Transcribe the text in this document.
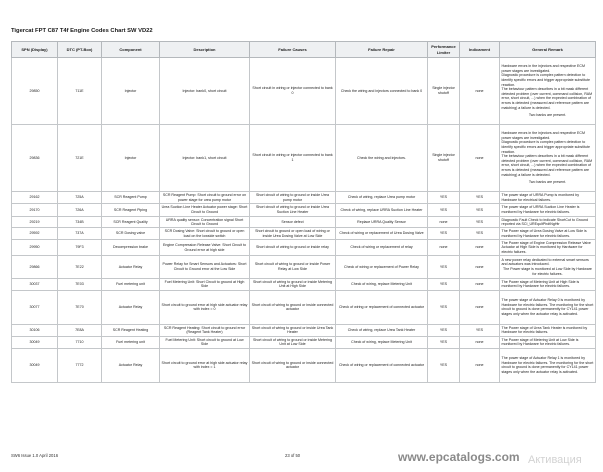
Tigercat FPT C87 T4f Engine Codes Chart SW VD22
SPN (Display)	DTC (PT-Box)	Component	Description	Failure Causes	Failure Repair	Performance Limiter	Indicament	General Remark
29850	711E	Injector	Injector: bank0, short circuit	Short circuit in wiring or injector connected to bank 0	Check the wiring and injectors connected to bank 0	Single injector shutoff	none	Hardware errors in the injectors and respective ECM power stages are investigated.
Diagnostic procedure is complex pattern detection to identify specific errors and trigger appropriate substitute reaction.
The behaviour pattern describes in a bit mask different detected problem (over current, command collision, RAM error, short circuit, ...) when the expected combination of errors is detected (measured and reference pattern are matching) a failure is detected.
Two banks are present.

29836	721E	Injector	Injector: bank1, short circuit	Short circuit in wiring or injector connected to bank 1	Check the wiring and injectors.	Single injector shutoff	none	Hardware errors in the injectors and respective ECM power stages are investigated.
Diagnostic procedure is complex pattern detection to identify specific errors and trigger appropriate substitute reaction.
The behaviour pattern describes in a bit mask different detected problem (over current, command collision, RAM error, short circuit, ...) when the expected combination of errors is detected (measured and reference pattern are matching) a failure is detected.
Two banks are present.

29162	725A	SCR Reagent Pump	SCR Reagent Pump: Short circuit to ground error on power stage for urea pump motor	Short circuit of wiring to ground or inside Urea pump motor	Check of wiring, replace Urea pump motor	YES	YES	The power stage of URRA Pump is monitored by Hardware for electrical failures.

29170	726A	SCR Reagent Piping	Urea Suction Line Heater Actuator power stage: Short Circuit to Ground	Short circuit of wiring to ground or inside Urea Suction Line Heater	Check of wiring, replace URRA Suction Line Heater	YES	YES	The power stage of URRA Suction Line Heater is monitored by Hardware for electric failures.

29219	734B	SCR Reagent Quality	URRA quality sensor: Concentration signal Short Circuit to Ground	Sensor defect	Replace URRA Quality Sensor	none	YES	Diagnostic Fault Check to indicate ShortCut to Ground reported via SCI_UREqultPhdtNgHtr

29592	737A	SCR Dosing valve	SCR Dosing Valve: Short circuit to ground or open load on the lowside switch	Short circuit to ground or open load of wiring or inside Urea Dosing Valve at Low Side	Check of wiring or replacement of Urea Dosing Valve	YES	YES	The Power stage of Urea Dosing Valve at Low Side is monitored by Hardware for electric failures.

29950	79F3	Decompression brake	Engine Compression Release Valve: Short Circuit to Ground error at high side	Short circuit of wiring to ground or inside relay	Check of wiring or replacement of relay	none	none	The Power stage of Engine Compression Release Valve Actuator at High Side is monitored by Hardware for electric failures.

29866	7E22	Actuator Relay	Power Relay for Smart Sensors and Actuators: Short Circuit to Ground error at the Low Side	Short circuit of wiring to ground or inside Power Relay at Low Side	Check of wiring or replacement of Power Relay	YES	none	A new power relay dedicated to external smart sensors and actuators was introduced.
The Power stage is monitored at Low Side by Hardware for electric failures.

30037	7E03	Fuel metering unit	Fuel Metering Unit: Short Circuit to ground at High Side	Short circuit of wiring to ground or inside Metering Unit at High Side	Check of wiring, replace Metering Unit	YES	none	The Power stage of Metering Unit at High Side is monitored by Hardware for electric failures.

30077	7E70	Actuator Relay	Short circuit to ground error at high side actuator relay with index = 0	Short circuit of wiring to ground or inside connected actuator	Check of wiring or replacement of connected actuator	YES	none	The power stage of Actuator Relay 0 is monitored by Hardware for electric failures. The monitoring for the short circuit to ground is done permanently for CY141 power stages only when the actuator relay is activated.

30106	7E8A	SCR Reagent Heating	SCR Reagent Heating: Short circuit to ground error (Reagent Tank Heater)	Short circuit of wiring to ground or inside Urea Tank Heater	Check of wiring, replace Urea Tank Heater	YES	YES	The Power stage of Urea Tank Heater is monitored by Hardware for electric failures.

30049	7710	Fuel metering unit	Fuel Metering Unit: Short circuit to ground at Low Side	Short circuit of wiring to ground or inside Metering Unit at Low Side	Check of wiring, replace Metering Unit	YES	none	The Power stage of Metering Unit at Low Side is monitored by Hardware for electric failures.

30049	7772	Actuator Relay	Short circuit to ground error at high side actuator relay with index = 1	Short circuit of wiring to ground or inside connected actuator	Check of wiring or replacement of connected actuator	YES	none	The power stage of Actuator Relay 1 is monitored by Hardware for electric failures. The monitoring for the short circuit to ground is done permanently for CY141 power stages only when the actuator relay is activated.
SW6 Issue 1.0 April 2016	23 of 50	www.epcatalogs.com Активация
